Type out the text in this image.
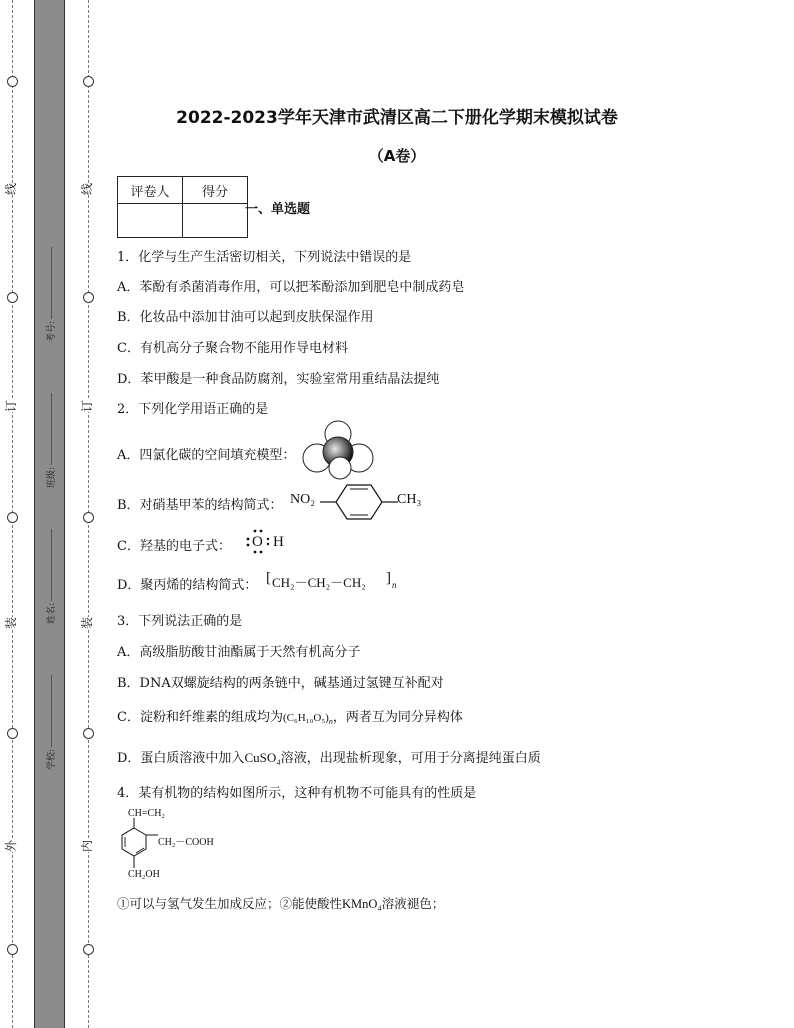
线
订
装
外
线
订
装
内
考号:
班级:
姓名:
学校:
2022-2023学年天津市武清区高二下册化学期末模拟试卷
（A卷）
评卷人	得分

一、单选题
1．化学与生产生活密切相关，下列说法中错误的是
A．苯酚有杀菌消毒作用，可以把苯酚添加到肥皂中制成药皂
B．化妆品中添加甘油可以起到皮肤保湿作用
C．有机高分子聚合物不能用作导电材料
D．苯甲酸是一种食品防腐剂，实验室常用重结晶法提纯
2．下列化学用语正确的是
A．四氯化碳的空间填充模型：
B．对硝基甲苯的结构简式： NO₂	CH₃
C．羟基的电子式： O H
D．聚丙烯的结构简式： [ CH₂－CH₂－CH₂ ] n
3．下列说法正确的是
A．高级脂肪酸甘油酯属于天然有机高分子
B．DNA双螺旋结构的两条链中，碱基通过氢键互补配对
C．淀粉和纤维素的组成均为$(C_6H_{10}O_5)_n$，两者互为同分异构体
D．蛋白质溶液中加入CuSO₄溶液，出现盐析现象，可用于分离提纯蛋白质
4．某有机物的结构如图所示，这种有机物不可能具有的性质是
CH=CH₂
CH₂－COOH
CH₂OH
①可以与氢气发生加成反应；②能使酸性KMnO₄溶液褪色；
